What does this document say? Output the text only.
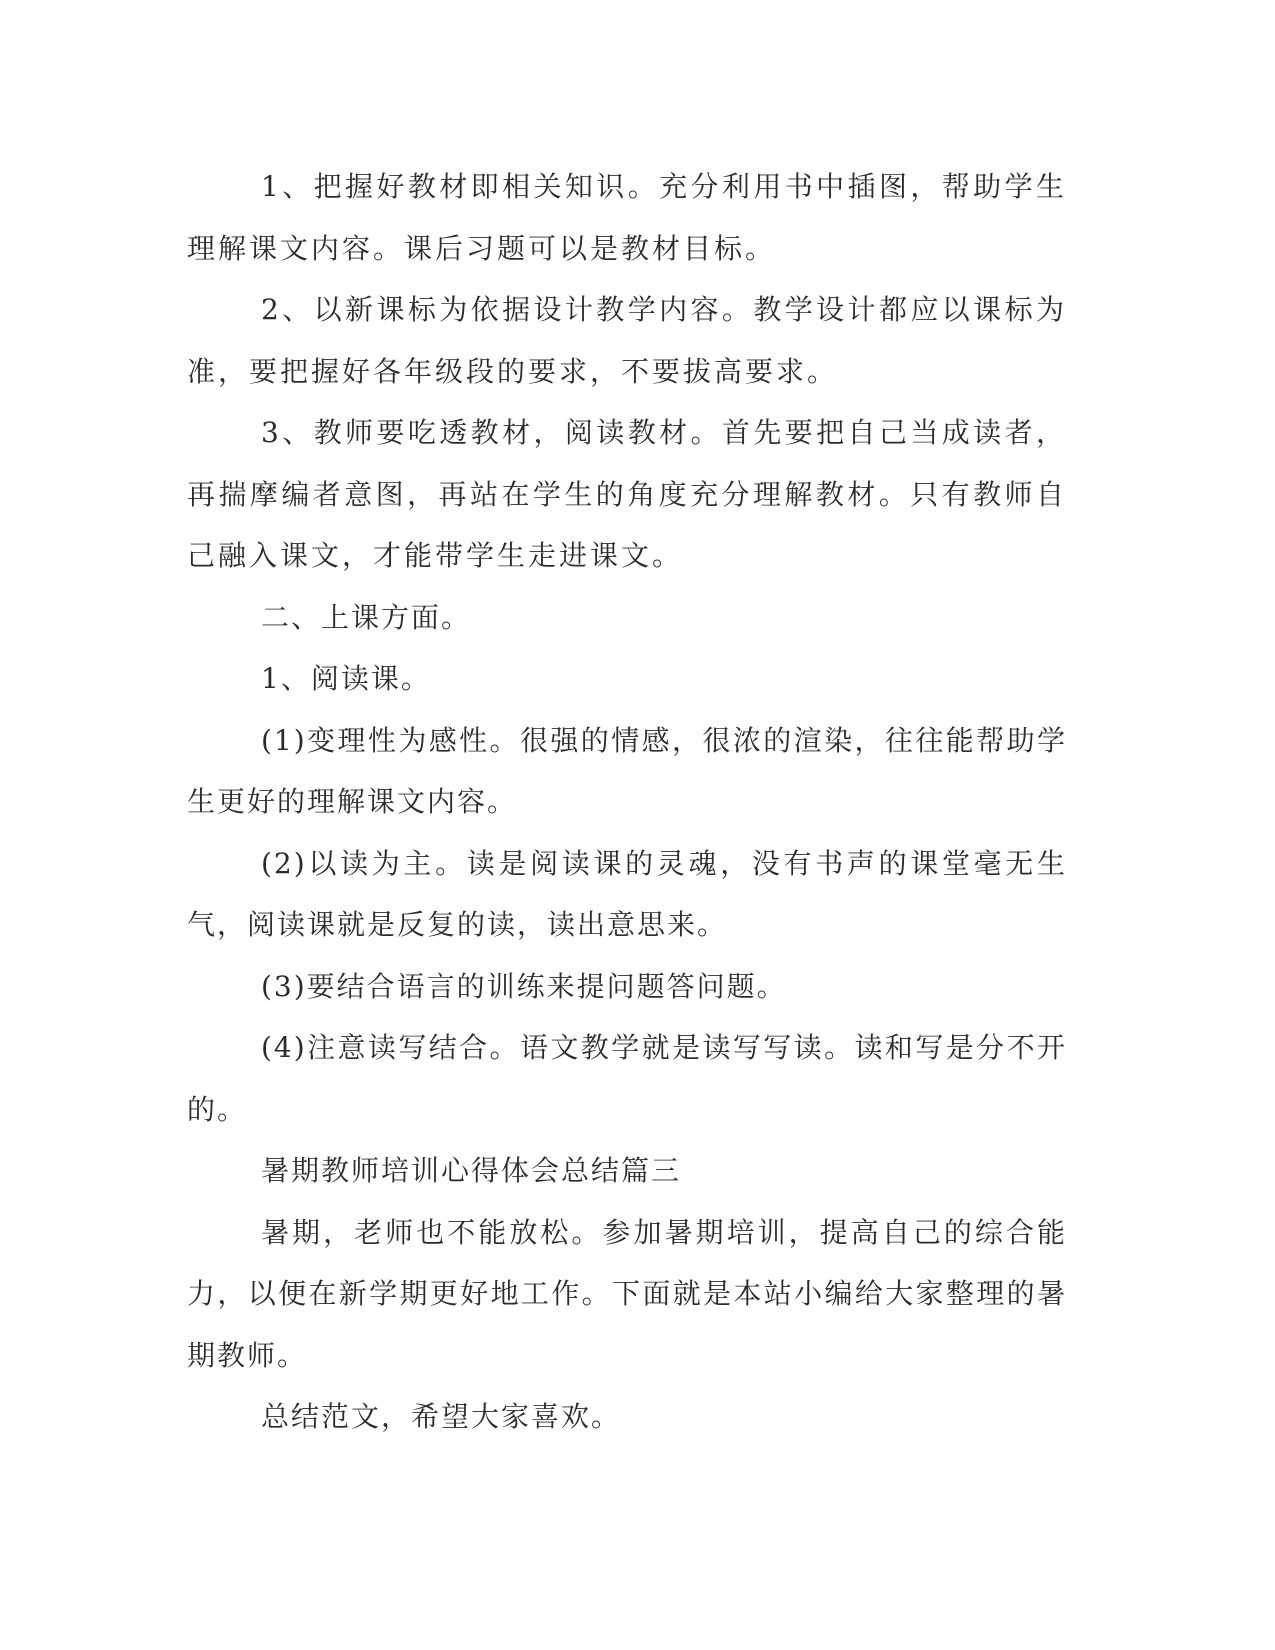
1、把握好教材即相关知识。充分利用书中插图，帮助学生理解课文内容。课后习题可以是教材目标。

2、以新课标为依据设计教学内容。教学设计都应以课标为准，要把握好各年级段的要求，不要拔高要求。

3、教师要吃透教材，阅读教材。首先要把自己当成读者，再揣摩编者意图，再站在学生的角度充分理解教材。只有教师自己融入课文，才能带学生走进课文。

二、上课方面。

1、阅读课。

(1)变理性为感性。很强的情感，很浓的渲染，往往能帮助学生更好的理解课文内容。

(2)以读为主。读是阅读课的灵魂，没有书声的课堂毫无生气，阅读课就是反复的读，读出意思来。

(3)要结合语言的训练来提问题答问题。

(4)注意读写结合。语文教学就是读写写读。读和写是分不开的。

暑期教师培训心得体会总结篇三

暑期，老师也不能放松。参加暑期培训，提高自己的综合能力，以便在新学期更好地工作。下面就是本站小编给大家整理的暑期教师。

总结范文，希望大家喜欢。
